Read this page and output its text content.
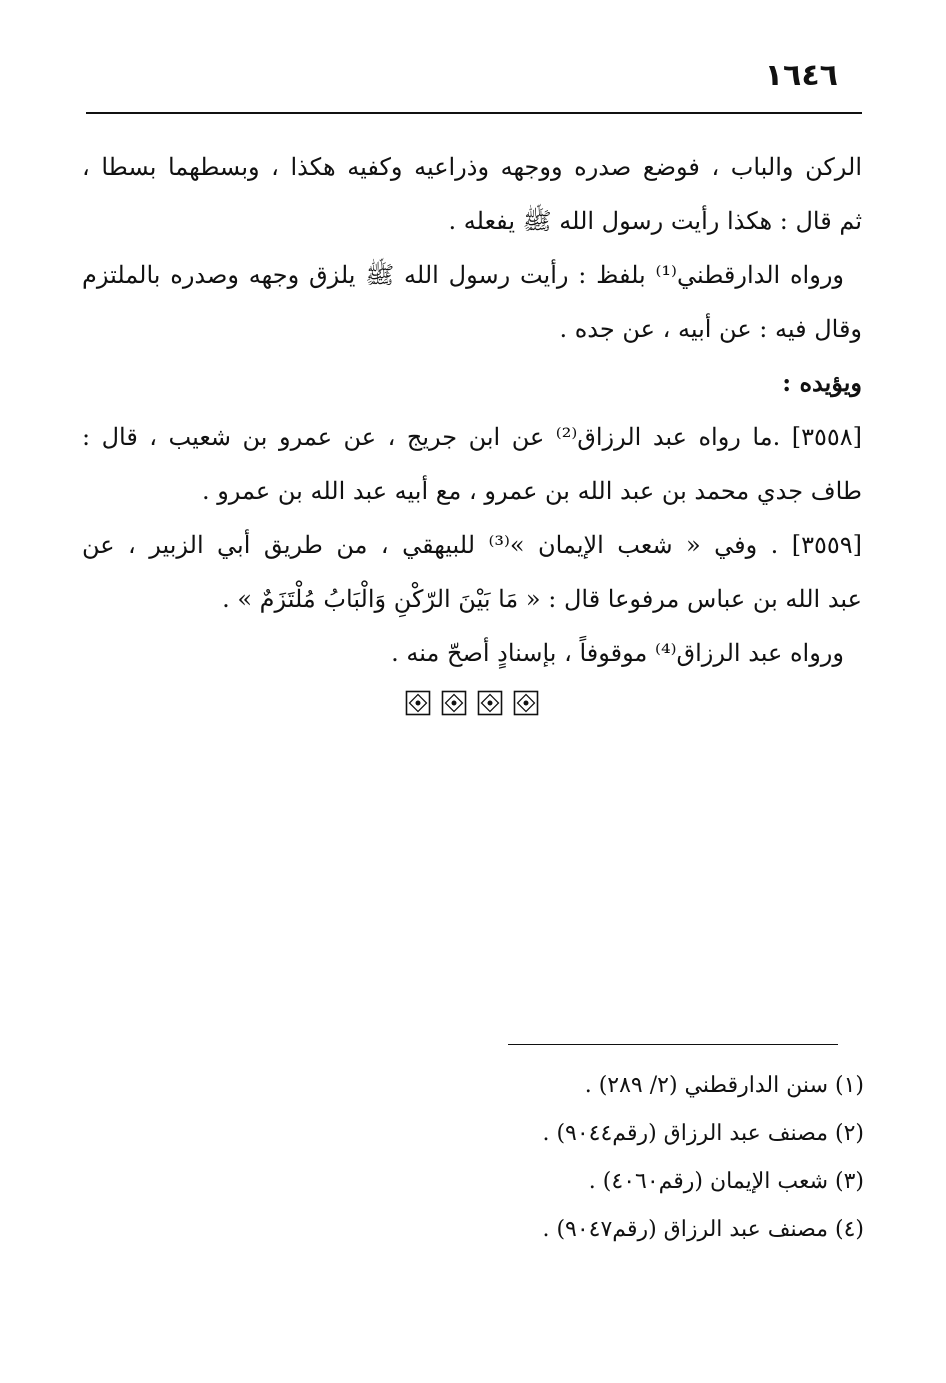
١٦٤٦
الركن والباب ، فوضع صدره ووجهه وذراعيه وكفيه هكذا ، وبسطهما بسطا ،
ثم قال : هكذا رأيت رسول الله ﷺ يفعله .
ورواه الدارقطني⁽¹⁾ بلفظ : رأيت رسول الله ﷺ يلزق وجهه وصدره بالملتزم
وقال فيه : عن أبيه ، عن جده .
ويؤيده :
[٣٥٥٨] .ما رواه عبد الرزاق⁽²⁾ عن ابن جريج ، عن عمرو بن شعيب ، قال :
طاف جدي محمد بن عبد الله بن عمرو ، مع أبيه عبد الله بن عمرو .
[٣٥٥٩] . وفي « شعب الإيمان »⁽³⁾ للبيهقي ، من طريق أبي الزبير ، عن
عبد الله بن عباس مرفوعا قال : « مَا بَيْنَ الرّكْنِ وَالْبَابُ مُلْتَزَمٌ » .
ورواه عبد الرزاق⁽⁴⁾ موقوفاً ، بإسنادٍ أصحّ منه .
(١) سنن الدارقطني (٢/ ٢٨٩) .
(٢) مصنف عبد الرزاق (رقم٩٠٤٤) .
(٣) شعب الإيمان (رقم٤٠٦٠) .
(٤) مصنف عبد الرزاق (رقم٩٠٤٧) .
